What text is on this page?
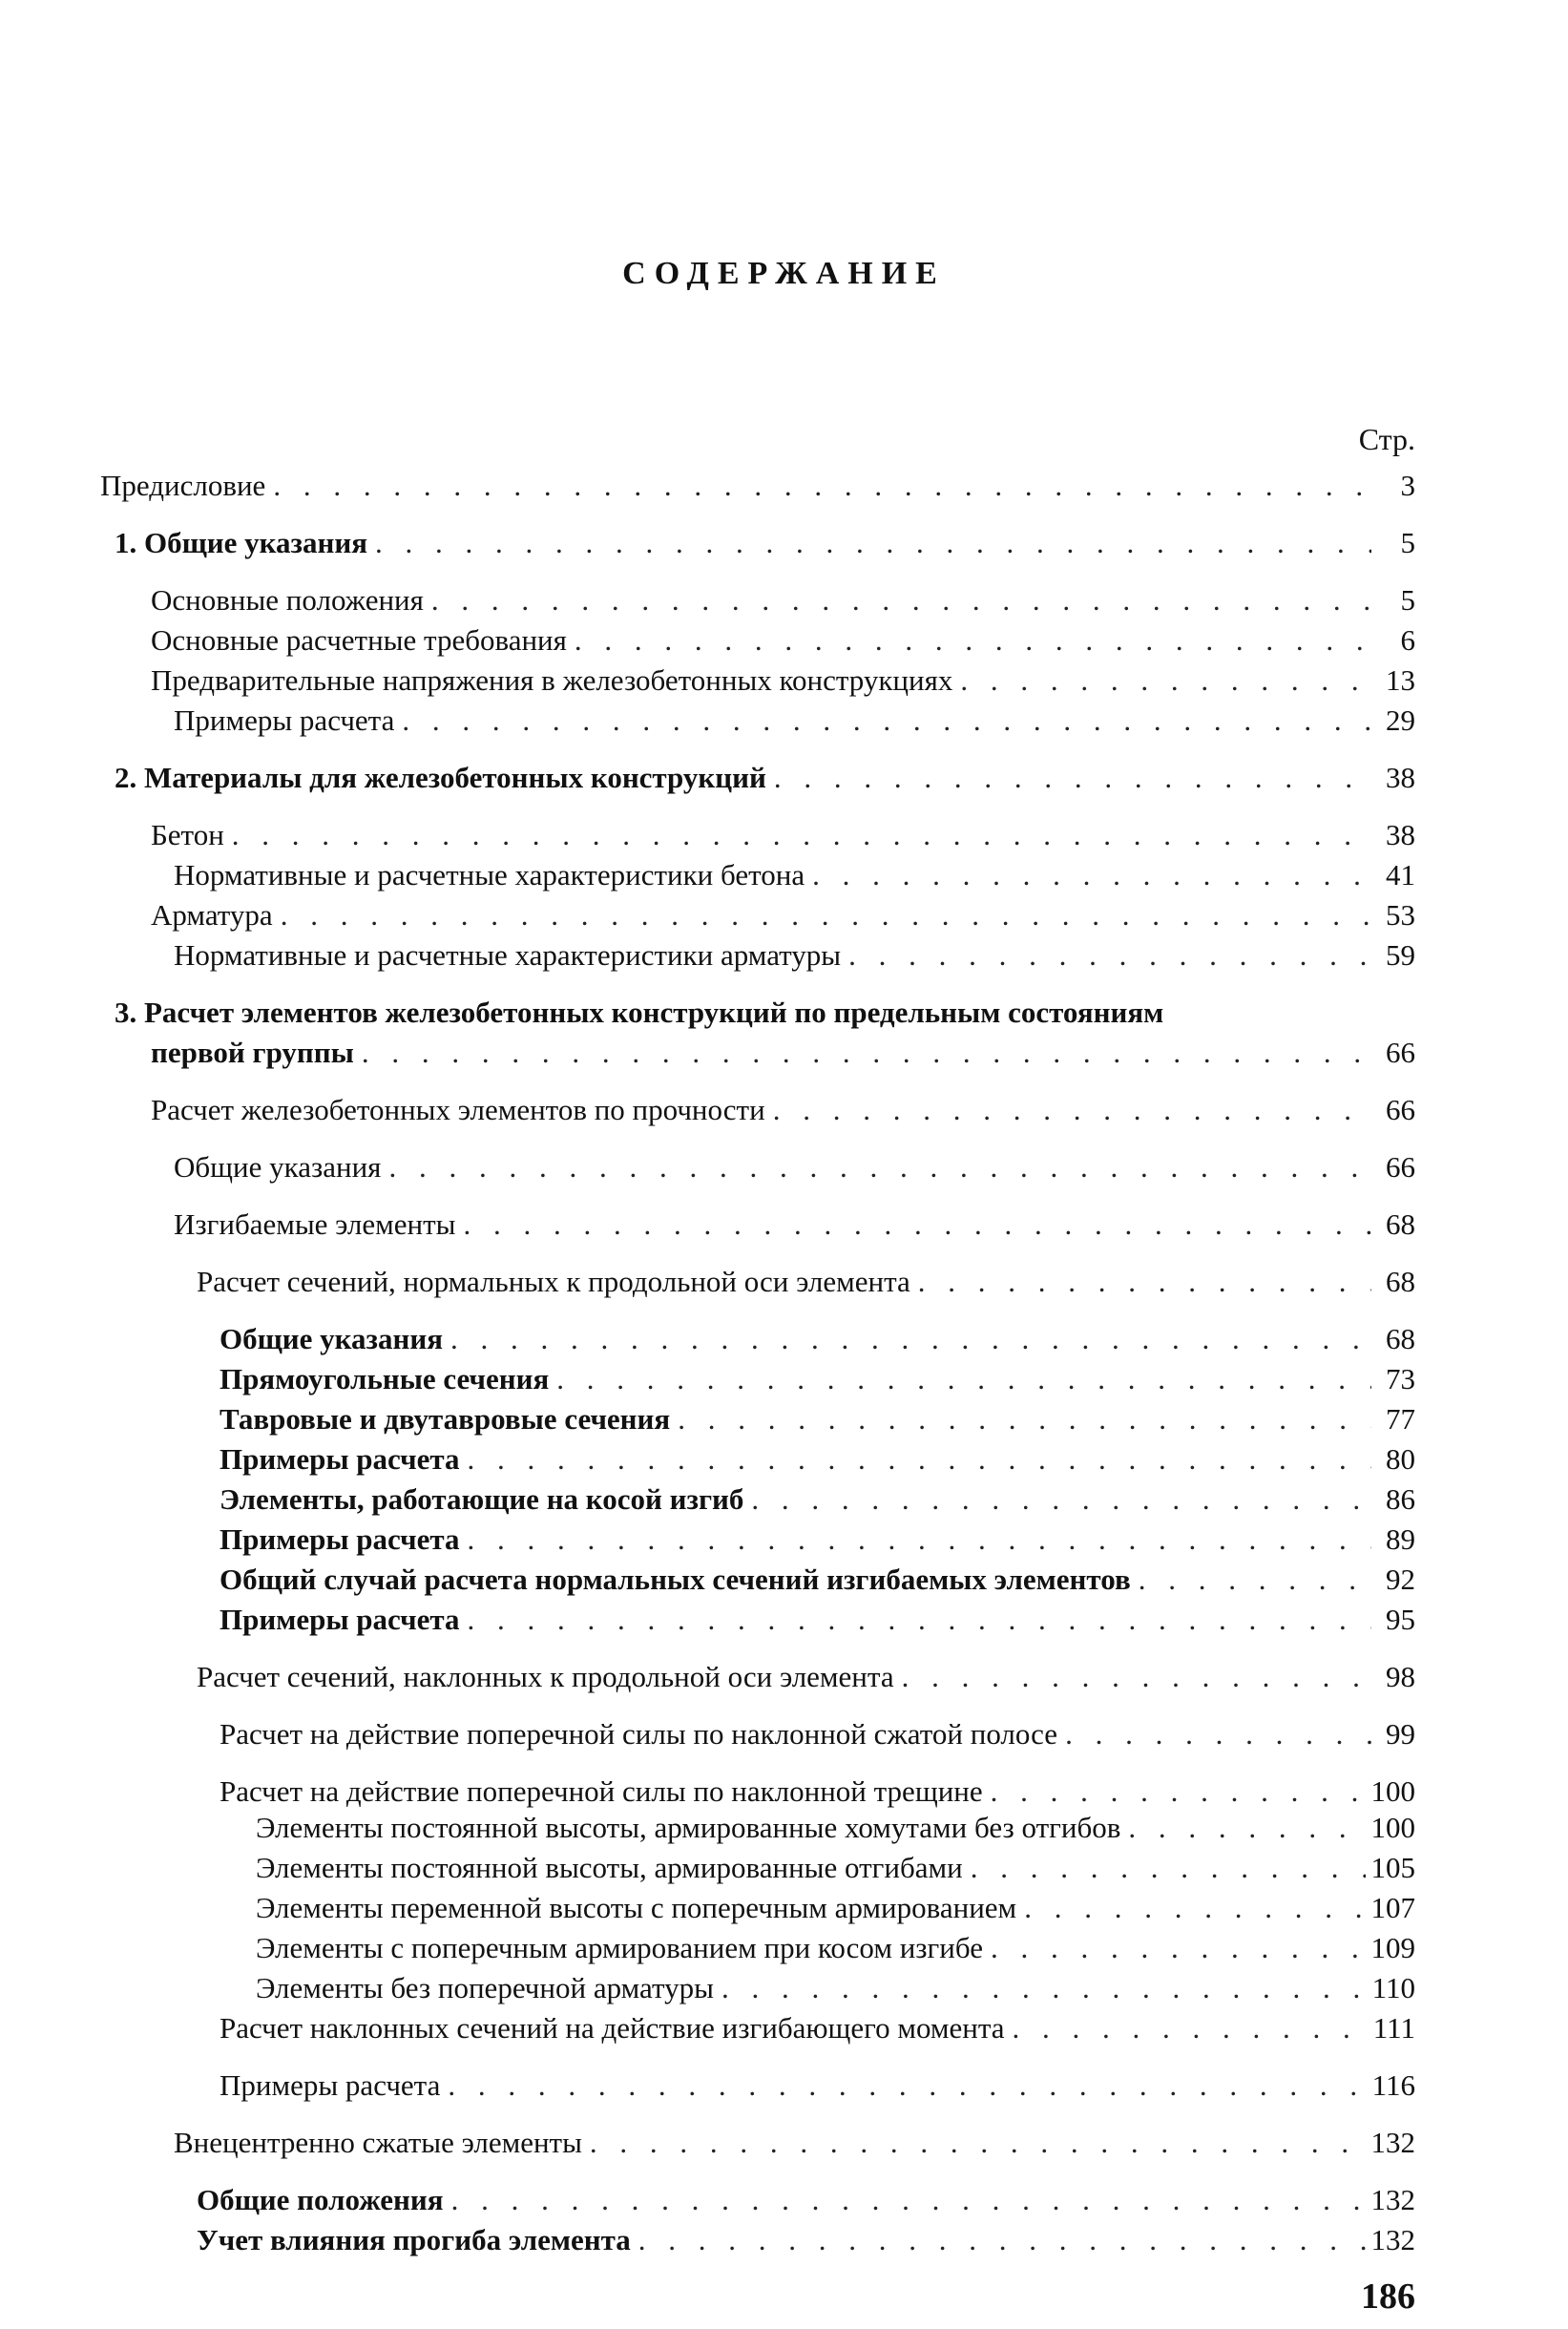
СОДЕРЖАНИЕ
Стр.
Предисловие . . .	3
1. Общие указания . . .	5
Основные положения . . .	5
Основные расчетные требования . . .	6
Предварительные напряжения в железобетонных конструкциях . . .	13
Примеры расчета . . .	29
2. Материалы для железобетонных конструкций . . .	38
Бетон . . .	38
Нормативные и расчетные характеристики бетона . . .	41
Арматура . . .	53
Нормативные и расчетные характеристики арматуры . . .	59
3. Расчет элементов железобетонных конструкций по предельным состояниям
первой группы . . .	66
Расчет железобетонных элементов по прочности . . .	66
Общие указания . . .	66
Изгибаемые элементы . . .	68
Расчет сечений, нормальных к продольной оси элемента . . .	68
Общие указания . . .	68
Прямоугольные сечения . . .	73
Тавровые и двутавровые сечения . . .	77
Примеры расчета . . .	80
Элементы, работающие на косой изгиб . . .	86
Примеры расчета . . .	89
Общий случай расчета нормальных сечений изгибаемых элементов . . .	92
Примеры расчета . . .	95
Расчет сечений, наклонных к продольной оси элемента . . .	98
Расчет на действие поперечной силы по наклонной сжатой полосе . . .	99
Расчет на действие поперечной силы по наклонной трещине . . .	100
Элементы постоянной высоты, армированные хомутами без отгибов . . .	100
Элементы постоянной высоты, армированные отгибами . . .	105
Элементы переменной высоты с поперечным армированием . . .	107
Элементы с поперечным армированием при косом изгибе . . .	109
Элементы без поперечной арматуры . . .	110
Расчет наклонных сечений на действие изгибающего момента . . .	111
Примеры расчета . . .	116
Внецентренно сжатые элементы . . .	132
Общие положения . . .	132
Учет влияния прогиба элемента . . .	132
186
